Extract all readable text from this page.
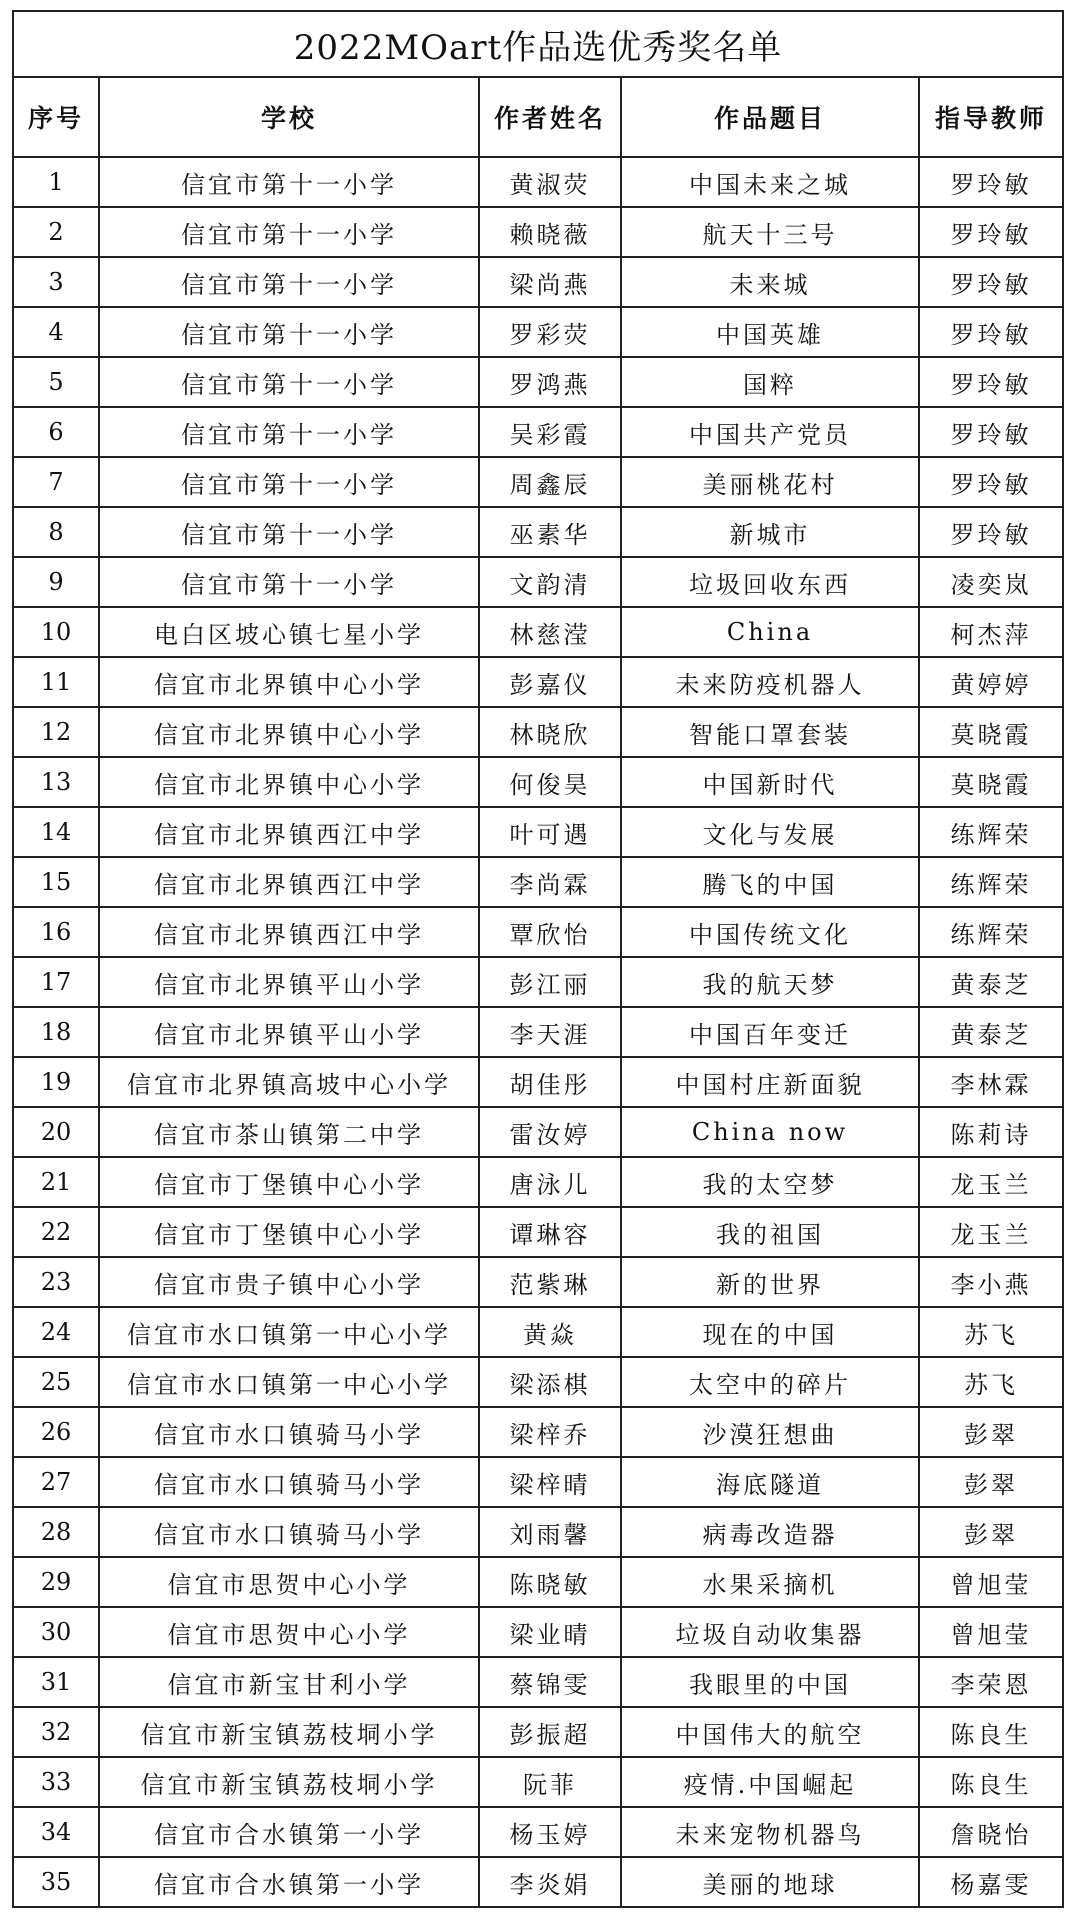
2022MOart作品选优秀奖名单				
序号	学校	作者姓名	作品题目	指导教师
1	信宜市第十一小学	黄淑荧	中国未来之城	罗玲敏
2	信宜市第十一小学	赖晓薇	航天十三号	罗玲敏
3	信宜市第十一小学	梁尚燕	未来城	罗玲敏
4	信宜市第十一小学	罗彩荧	中国英雄	罗玲敏
5	信宜市第十一小学	罗鸿燕	国粹	罗玲敏
6	信宜市第十一小学	吴彩霞	中国共产党员	罗玲敏
7	信宜市第十一小学	周鑫辰	美丽桃花村	罗玲敏
8	信宜市第十一小学	巫素华	新城市	罗玲敏
9	信宜市第十一小学	文韵清	垃圾回收东西	凌奕岚
10	电白区坡心镇七星小学	林慈滢	China	柯杰萍
11	信宜市北界镇中心小学	彭嘉仪	未来防疫机器人	黄婷婷
12	信宜市北界镇中心小学	林晓欣	智能口罩套装	莫晓霞
13	信宜市北界镇中心小学	何俊昊	中国新时代	莫晓霞
14	信宜市北界镇西江中学	叶可遇	文化与发展	练辉荣
15	信宜市北界镇西江中学	李尚霖	腾飞的中国	练辉荣
16	信宜市北界镇西江中学	覃欣怡	中国传统文化	练辉荣
17	信宜市北界镇平山小学	彭江丽	我的航天梦	黄泰芝
18	信宜市北界镇平山小学	李天涯	中国百年变迁	黄泰芝
19	信宜市北界镇高坡中心小学	胡佳彤	中国村庄新面貌	李林霖
20	信宜市茶山镇第二中学	雷汝婷	China now	陈莉诗
21	信宜市丁堡镇中心小学	唐泳儿	我的太空梦	龙玉兰
22	信宜市丁堡镇中心小学	谭琳容	我的祖国	龙玉兰
23	信宜市贵子镇中心小学	范紫琳	新的世界	李小燕
24	信宜市水口镇第一中心小学	黄焱	现在的中国	苏飞
25	信宜市水口镇第一中心小学	梁添棋	太空中的碎片	苏飞
26	信宜市水口镇骑马小学	梁梓乔	沙漠狂想曲	彭翠
27	信宜市水口镇骑马小学	梁梓晴	海底隧道	彭翠
28	信宜市水口镇骑马小学	刘雨馨	病毒改造器	彭翠
29	信宜市思贺中心小学	陈晓敏	水果采摘机	曾旭莹
30	信宜市思贺中心小学	梁业晴	垃圾自动收集器	曾旭莹
31	信宜市新宝甘利小学	蔡锦雯	我眼里的中国	李荣恩
32	信宜市新宝镇荔枝垌小学	彭振超	中国伟大的航空	陈良生
33	信宜市新宝镇荔枝垌小学	阮菲	疫情.中国崛起	陈良生
34	信宜市合水镇第一小学	杨玉婷	未来宠物机器鸟	詹晓怡
35	信宜市合水镇第一小学	李炎娟	美丽的地球	杨嘉雯
